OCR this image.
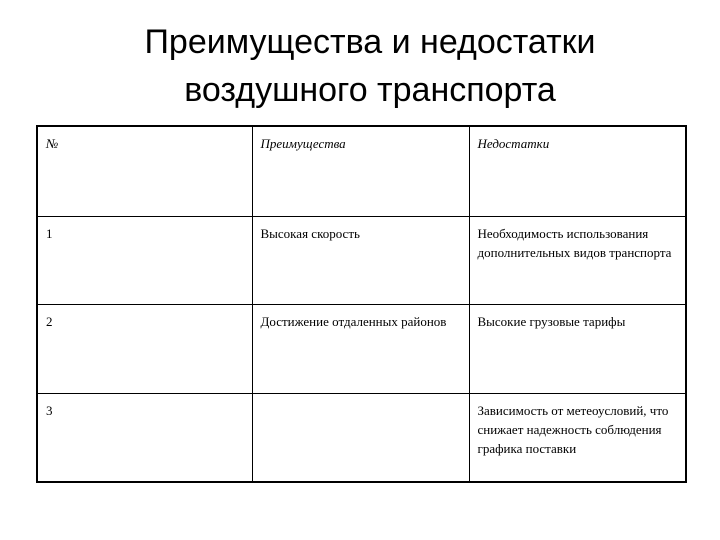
Преимущества и недостатки
воздушного транспорта
№	Преимущества	Недостатки
1	Высокая скорость	Необходимость использования дополнительных видов транспорта
2	Достижение отдаленных районов	Высокие грузовые тарифы
3		Зависимость от метеоусловий, что снижает надежность соблюдения графика поставки
